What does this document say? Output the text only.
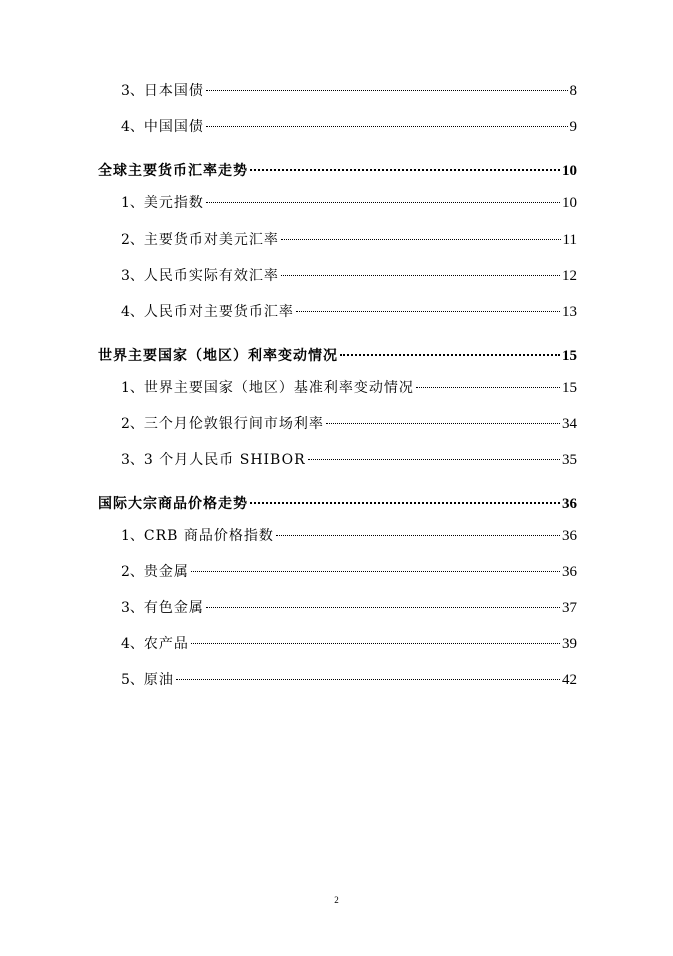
3、 日本国债	8
4、 中国国债	9
全球主要货币汇率走势	10
1、 美元指数	10
2、 主要货币对美元汇率	11
3、 人民币实际有效汇率	12
4、 人民币对主要货币汇率	13
世界主要国家（地区）利率变动情况	15
1、 世界主要国家（地区）基准利率变动情况	15
2、 三个月伦敦银行间市场利率	34
3、 3 个月人民币 SHIBOR	35
国际大宗商品价格走势	36
1、 CRB 商品价格指数	36
2、 贵金属	36
3、 有色金属	37
4、 农产品	39
5、 原油	42
2
